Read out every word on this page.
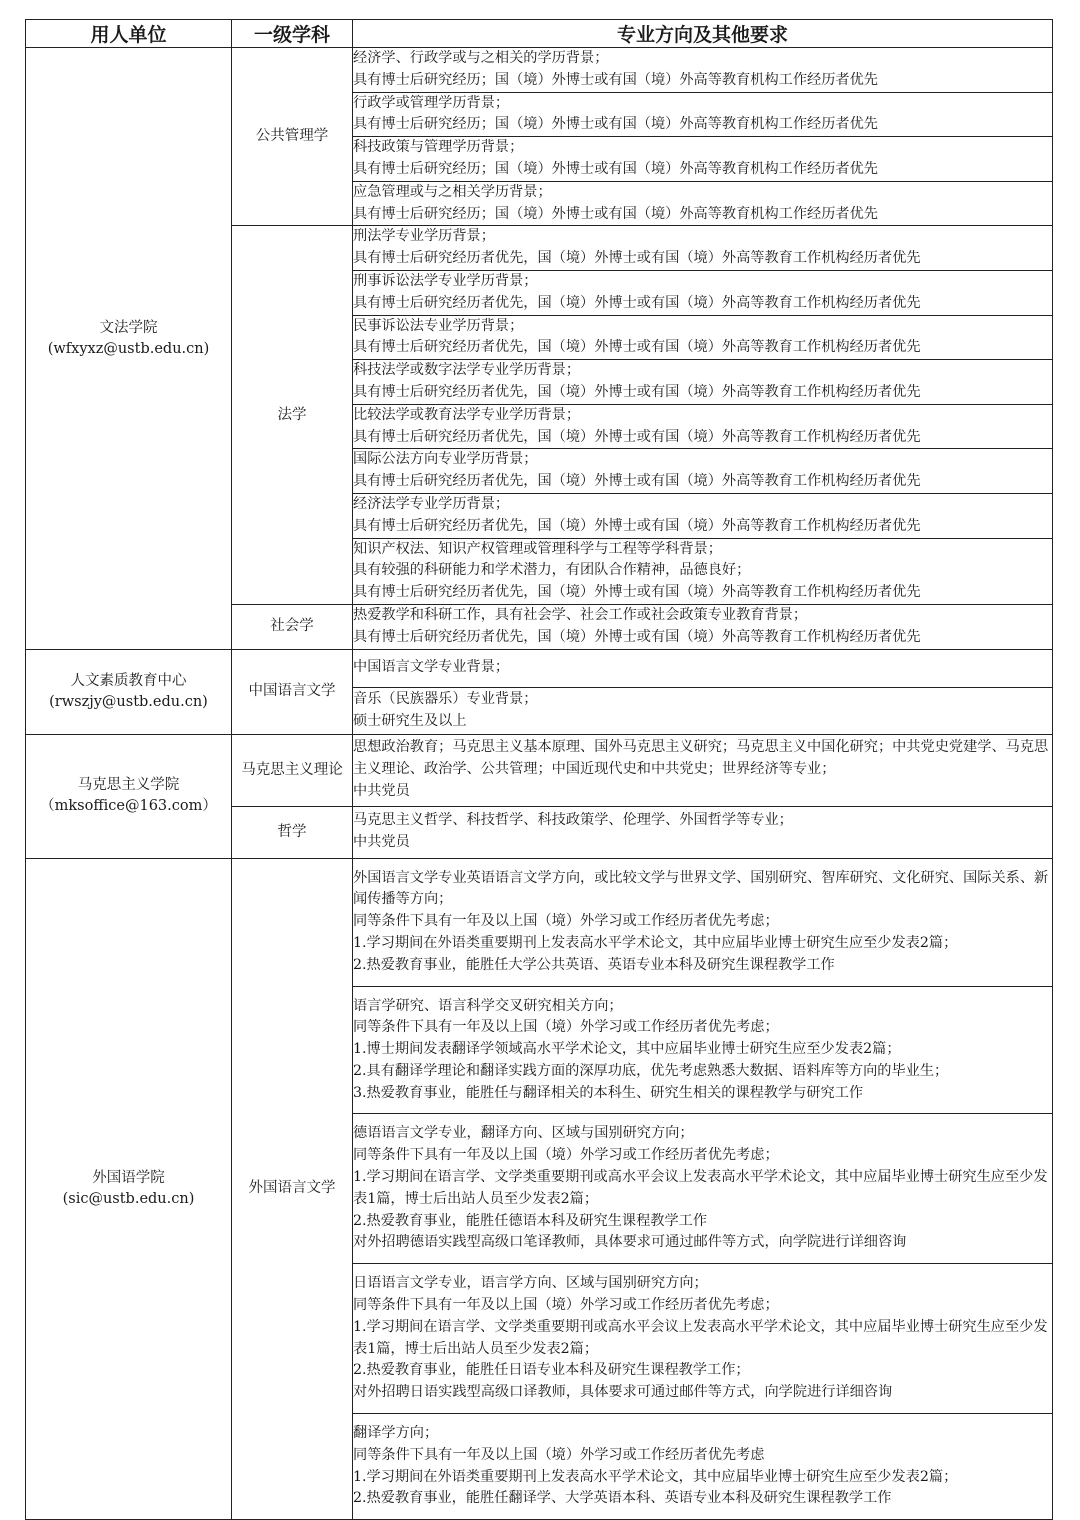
用人单位	一级学科	专业方向及其他要求

文法学院
(wfxyxz@ustb.edu.cn)	公共管理学	经济学、行政学或与之相关的学历背景；
具有博士后研究经历；国（境）外博士或有国（境）外高等教育机构工作经历者优先

		行政学或管理学历背景；
具有博士后研究经历；国（境）外博士或有国（境）外高等教育机构工作经历者优先

		科技政策与管理学历背景；
具有博士后研究经历；国（境）外博士或有国（境）外高等教育机构工作经历者优先

		应急管理或与之相关学历背景；
具有博士后研究经历；国（境）外博士或有国（境）外高等教育机构工作经历者优先

	法学	刑法学专业学历背景；
具有博士后研究经历者优先，国（境）外博士或有国（境）外高等教育工作机构经历者优先

		刑事诉讼法学专业学历背景；
具有博士后研究经历者优先，国（境）外博士或有国（境）外高等教育工作机构经历者优先

		民事诉讼法专业学历背景；
具有博士后研究经历者优先，国（境）外博士或有国（境）外高等教育工作机构经历者优先

		科技法学或数字法学专业学历背景；
具有博士后研究经历者优先，国（境）外博士或有国（境）外高等教育工作机构经历者优先

		比较法学或教育法学专业学历背景；
具有博士后研究经历者优先，国（境）外博士或有国（境）外高等教育工作机构经历者优先

		国际公法方向专业学历背景；
具有博士后研究经历者优先，国（境）外博士或有国（境）外高等教育工作机构经历者优先

		经济法学专业学历背景；
具有博士后研究经历者优先，国（境）外博士或有国（境）外高等教育工作机构经历者优先

		知识产权法、知识产权管理或管理科学与工程等学科背景；
具有较强的科研能力和学术潜力，有团队合作精神，品德良好；
具有博士后研究经历者优先，国（境）外博士或有国（境）外高等教育工作机构经历者优先

	社会学	热爱教学和科研工作，具有社会学、社会工作或社会政策专业教育背景；
具有博士后研究经历者优先，国（境）外博士或有国（境）外高等教育工作机构经历者优先

人文素质教育中心
(rwszjy@ustb.edu.cn)	中国语言文学	中国语言文学专业背景；

		音乐（民族器乐）专业背景；
硕士研究生及以上

马克思主义学院
（mksoffice@163.com）	马克思主义理论	思想政治教育；马克思主义基本原理、国外马克思主义研究；马克思主义中国化研究；中共党史党建学、马克思主义理论、政治学、公共管理；中国近现代史和中共党史；世界经济等专业；
中共党员

	哲学	马克思主义哲学、科技哲学、科技政策学、伦理学、外国哲学等专业；
中共党员

外国语学院
(sic@ustb.edu.cn)	外国语言文学	外国语言文学专业英语语言文学方向，或比较文学与世界文学、国别研究、智库研究、文化研究、国际关系、新闻传播等方向；
同等条件下具有一年及以上国（境）外学习或工作经历者优先考虑；
1.学习期间在外语类重要期刊上发表高水平学术论文，其中应届毕业博士研究生应至少发表2篇；
2.热爱教育事业，能胜任大学公共英语、英语专业本科及研究生课程教学工作

		语言学研究、语言科学交叉研究相关方向；
同等条件下具有一年及以上国（境）外学习或工作经历者优先考虑；
1.博士期间发表翻译学领域高水平学术论文，其中应届毕业博士研究生应至少发表2篇；
2.具有翻译学理论和翻译实践方面的深厚功底，优先考虑熟悉大数据、语料库等方向的毕业生；
3.热爱教育事业，能胜任与翻译相关的本科生、研究生相关的课程教学与研究工作

		德语语言文学专业，翻译方向、区域与国别研究方向；
同等条件下具有一年及以上国（境）外学习或工作经历者优先考虑；
1.学习期间在语言学、文学类重要期刊或高水平会议上发表高水平学术论文，其中应届毕业博士研究生应至少发表1篇，博士后出站人员至少发表2篇；
2.热爱教育事业，能胜任德语本科及研究生课程教学工作
对外招聘德语实践型高级口笔译教师，具体要求可通过邮件等方式，向学院进行详细咨询

		日语语言文学专业，语言学方向、区域与国别研究方向；
同等条件下具有一年及以上国（境）外学习或工作经历者优先考虑；
1.学习期间在语言学、文学类重要期刊或高水平会议上发表高水平学术论文，其中应届毕业博士研究生应至少发表1篇，博士后出站人员至少发表2篇；
2.热爱教育事业，能胜任日语专业本科及研究生课程教学工作；
对外招聘日语实践型高级口译教师，具体要求可通过邮件等方式，向学院进行详细咨询

		翻译学方向；
同等条件下具有一年及以上国（境）外学习或工作经历者优先考虑
1.学习期间在外语类重要期刊上发表高水平学术论文，其中应届毕业博士研究生应至少发表2篇；
2.热爱教育事业，能胜任翻译学、大学英语本科、英语专业本科及研究生课程教学工作
